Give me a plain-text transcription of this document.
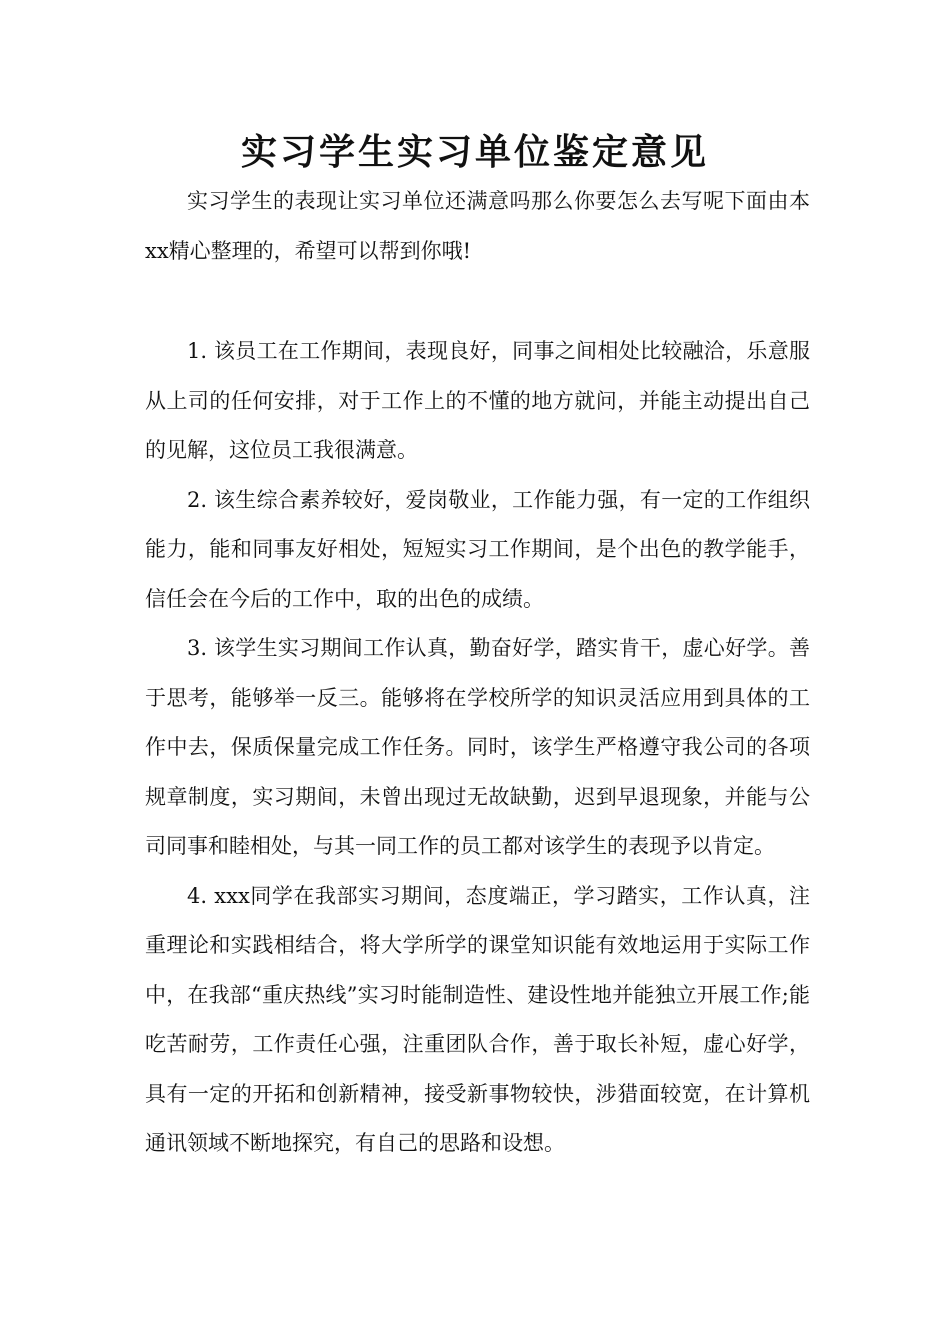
实习学生实习单位鉴定意见

实习学生的表现让实习单位还满意吗那么你要怎么去写呢下面由本xx精心整理的，希望可以帮到你哦!

1. 该员工在工作期间，表现良好，同事之间相处比较融洽，乐意服从上司的任何安排，对于工作上的不懂的地方就问，并能主动提出自己的见解，这位员工我很满意。

2. 该生综合素养较好，爱岗敬业，工作能力强，有一定的工作组织能力，能和同事友好相处，短短实习工作期间，是个出色的教学能手，信任会在今后的工作中，取的出色的成绩。

3. 该学生实习期间工作认真，勤奋好学，踏实肯干，虚心好学。善于思考，能够举一反三。能够将在学校所学的知识灵活应用到具体的工作中去，保质保量完成工作任务。同时，该学生严格遵守我公司的各项规章制度，实习期间，未曾出现过无故缺勤，迟到早退现象，并能与公司同事和睦相处，与其一同工作的员工都对该学生的表现予以肯定。

4. xxx同学在我部实习期间，态度端正，学习踏实，工作认真，注重理论和实践相结合，将大学所学的课堂知识能有效地运用于实际工作中，在我部“重庆热线”实习时能制造性、建设性地并能独立开展工作;能吃苦耐劳，工作责任心强，注重团队合作，善于取长补短，虚心好学，具有一定的开拓和创新精神，接受新事物较快，涉猎面较宽，在计算机通讯领域不断地探究，有自己的思路和设想。
